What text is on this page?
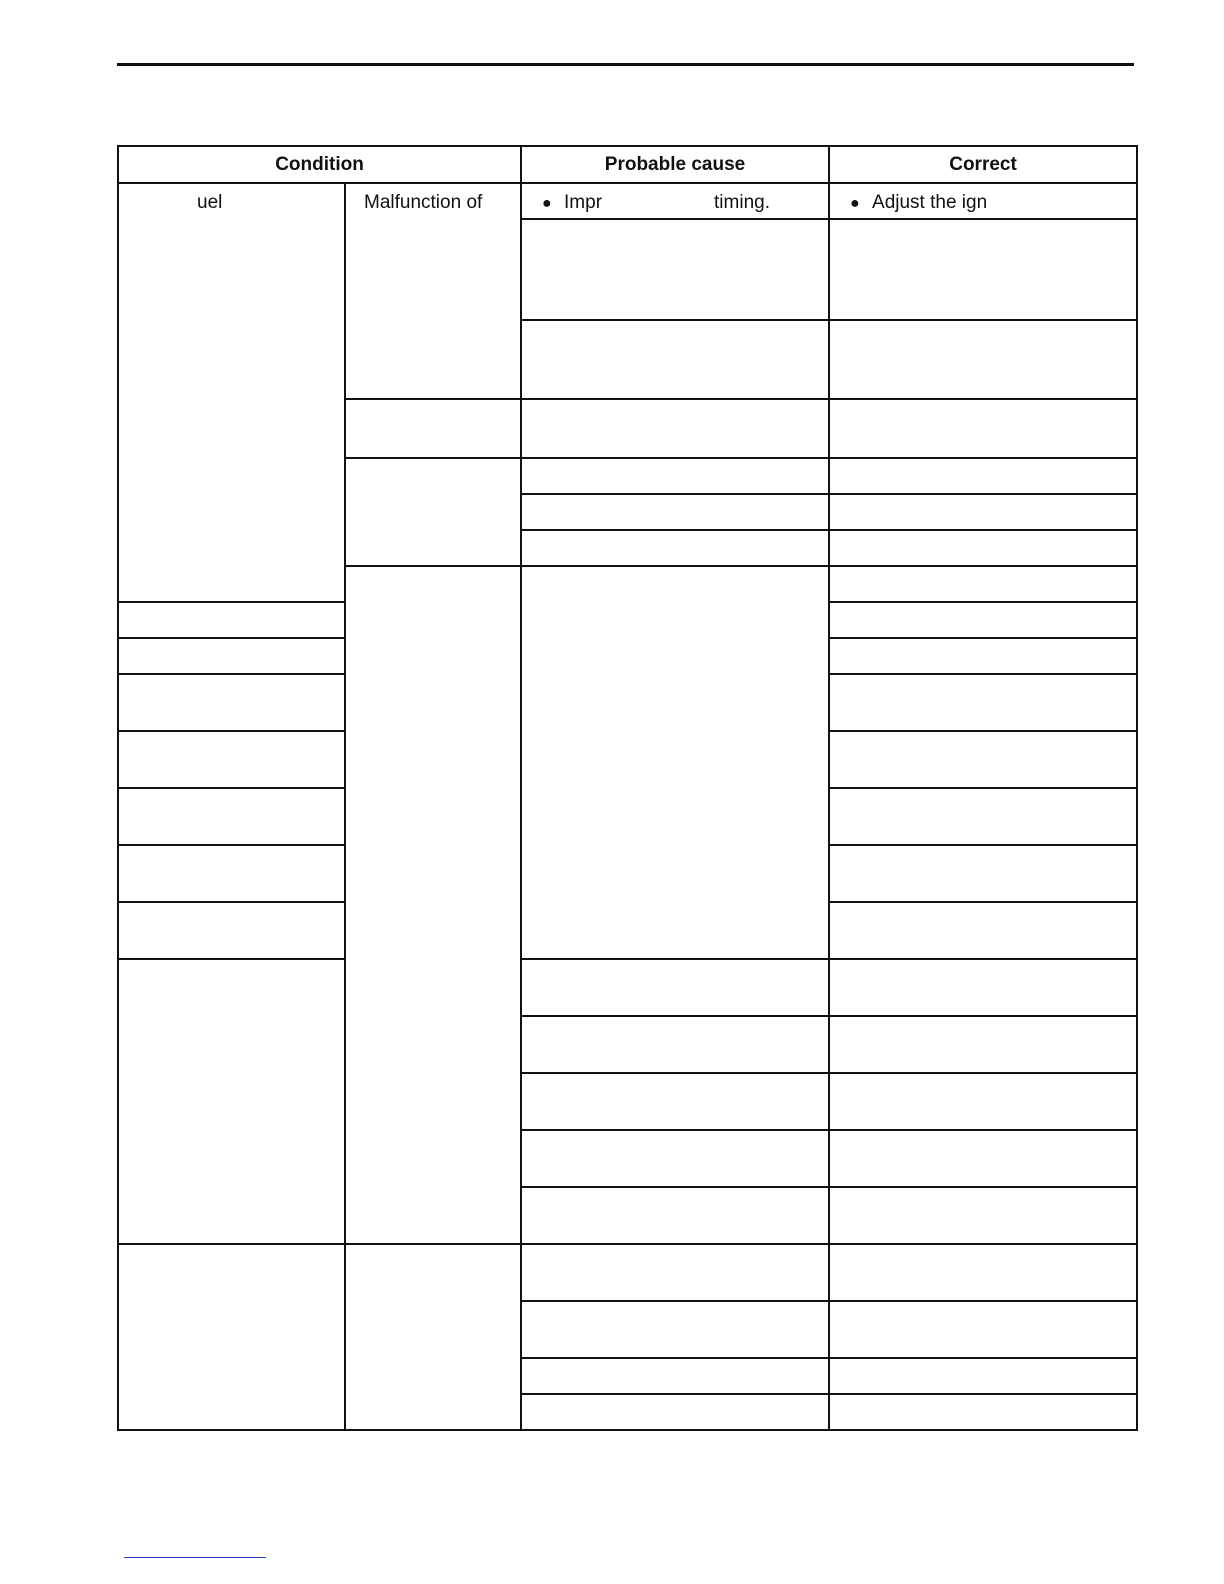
Condition		Probable cause	Correct	

uel	Malfunction of	● Impr timing.	● Adjust the ign	
